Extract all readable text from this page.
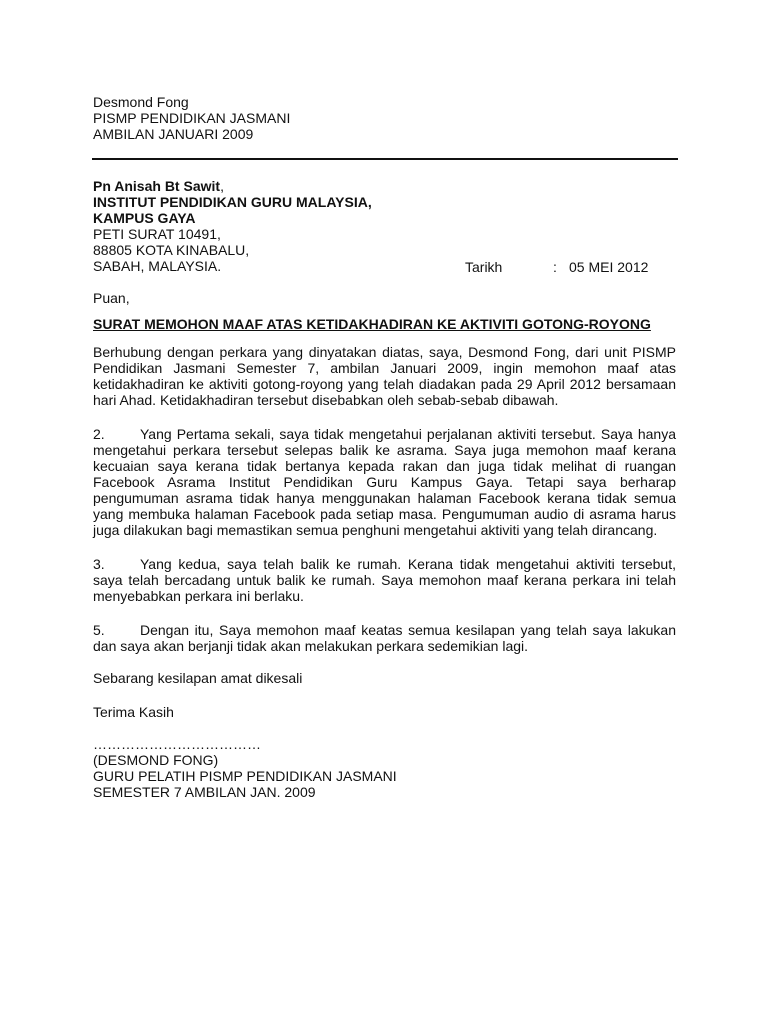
Desmond Fong
PISMP PENDIDIKAN JASMANI
AMBILAN JANUARI 2009
Pn Anisah Bt Sawit,
INSTITUT PENDIDIKAN GURU MALAYSIA,
KAMPUS GAYA
PETI SURAT 10491,
88805 KOTA KINABALU,
SABAH, MALAYSIA.	Tarikh	: 05 MEI 2012
Puan,
SURAT MEMOHON MAAF ATAS KETIDAKHADIRAN KE AKTIVITI GOTONG-ROYONG
Berhubung dengan perkara yang dinyatakan diatas, saya, Desmond Fong, dari unit PISMP Pendidikan Jasmani Semester 7, ambilan Januari 2009, ingin memohon maaf atas ketidakhadiran ke aktiviti gotong-royong yang telah diadakan pada 29 April 2012 bersamaan hari Ahad. Ketidakhadiran tersebut disebabkan oleh sebab-sebab dibawah.
2.	Yang Pertama sekali, saya tidak mengetahui perjalanan aktiviti tersebut. Saya hanya mengetahui perkara tersebut selepas balik ke asrama. Saya juga memohon maaf kerana kecuaian saya kerana tidak bertanya kepada rakan dan juga tidak melihat di ruangan Facebook Asrama Institut Pendidikan Guru Kampus Gaya. Tetapi saya berharap pengumuman asrama tidak hanya menggunakan halaman Facebook kerana tidak semua yang membuka halaman Facebook pada setiap masa. Pengumuman audio di asrama harus juga dilakukan bagi memastikan semua penghuni mengetahui aktiviti yang telah dirancang.
3.	Yang kedua, saya telah balik ke rumah. Kerana tidak mengetahui aktiviti tersebut, saya telah bercadang untuk balik ke rumah. Saya memohon maaf kerana perkara ini telah menyebabkan perkara ini berlaku.
5.	Dengan itu, Saya memohon maaf keatas semua kesilapan yang telah saya lakukan dan saya akan berjanji tidak akan melakukan perkara sedemikian lagi.
Sebarang kesilapan amat dikesali
Terima Kasih
………………………………
(DESMOND FONG)
GURU PELATIH PISMP PENDIDIKAN JASMANI
SEMESTER 7 AMBILAN JAN. 2009
